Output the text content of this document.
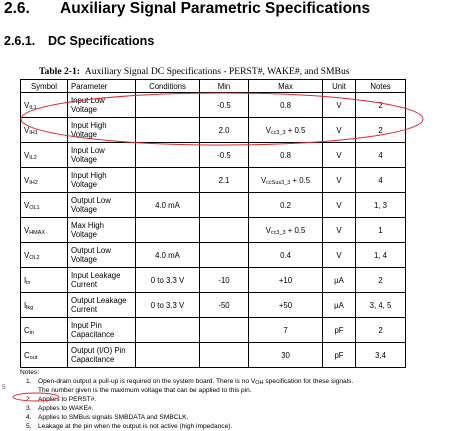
2.6. Auxiliary Signal Parametric Specifications
2.6.1. DC Specifications
Table 2-1: Auxiliary Signal DC Specifications - PERST#, WAKE#, and SMBus
Symbol	Parameter	Conditions	Min	Max	Unit	Notes
$V_{IL1}$	Input Low Voltage		-0.5	0.8	V	2
$V_{IH1}$	Input High Voltage		2.0	$V_{cc3\_3} + 0.5$	V	2
$V_{IL2}$	Input Low Voltage		-0.5	0.8	V	4
$V_{IH2}$	Input High Voltage		2.1	$V_{ccSus3\_3} + 0.5$	V	4
$V_{OL1}$	Output Low Voltage	4.0 mA		0.2	V	1, 3
$V_{HMAX}$	Max High Voltage			$V_{cc3\_3} + 0.5$	V	1
$V_{OL2}$	Output Low Voltage	4.0 mA		0.4	V	1, 4
$I_{in}$	Input Leakage Current	0 to 3.3 V	-10	+10	µA	2
$I_{lkg}$	Output Leakage Current	0 to 3.3 V	-50	+50	µA	3, 4, 5
$C_{in}$	Input Pin Capacitance			7	pF	2
$C_{out}$	Output (I/O) Pin Capacitance			30	pF	3,4
Notes:
1. Open-drain output a pull-up is required on the system board. There is no $V_{OH}$ specification for these signals.
The number given is the maximum voltage that can be applied to this pin.
2. Applies to PERST#.
3. Applies to WAKE#.
4. Applies to SMBus signals SMBDATA and SMBCLK.
5. Leakage at the pin when the output is not active (high impedance).
5
